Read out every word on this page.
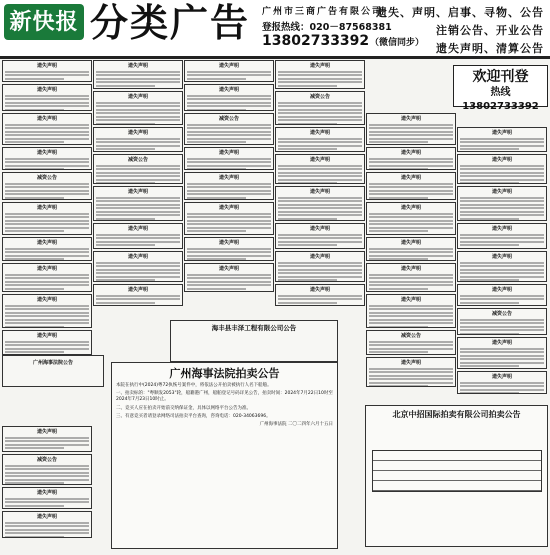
新快报 分类广告 广州市三商广告有限公司
登报热线：020－87568381
13802733392 （微信同步）
遗失、声明、启事、寻物、公告
注销公告、开业公告
遗失声明、清算公告
遗失声明
遗失声明
遗失声明
遗失声明
减资公告
遗失声明
遗失声明
遗失声明
遗失声明
遗失声明
遗失声明
减资公告
遗失声明
遗失声明
遗失声明
遗失声明
遗失声明
减资公告
遗失声明
遗失声明
遗失声明
遗失声明
遗失声明
遗失声明
减资公告
遗失声明
遗失声明
遗失声明
遗失声明
遗失声明
遗失声明
减资公告
遗失声明
遗失声明
遗失声明
遗失声明
遗失声明
遗失声明
遗失声明
遗失声明
遗失声明
遗失声明
遗失声明
遗失声明
遗失声明
减资公告
遗失声明
遗失声明
遗失声明
遗失声明
遗失声明
遗失声明
遗失声明
减资公告
遗失声明
遗失声明
欢迎刊登
热线13802733392
海丰县丰泽工程有限公司公告
广州海事法院公告
广州海事法院拍卖公告

本院在执行中(2024)粤72执恢号案件中，将依法公开拍卖被执行人名下船舶。

一、拍卖标的："粤顺发2053"轮，船籍港广州，船舶登记号码详见公告，拍卖时间：2024年7月22日10时至2024年7月23日10时止。

二、竞买人应在拍卖开始前交纳保证金，具体以网络平台公告为准。

三、有意竞买者请登录网络司法拍卖平台查询，咨询电话：020-34063696。

广州海事法院 二〇二四年六月十五日

北京中招国际拍卖有限公司拍卖公告
